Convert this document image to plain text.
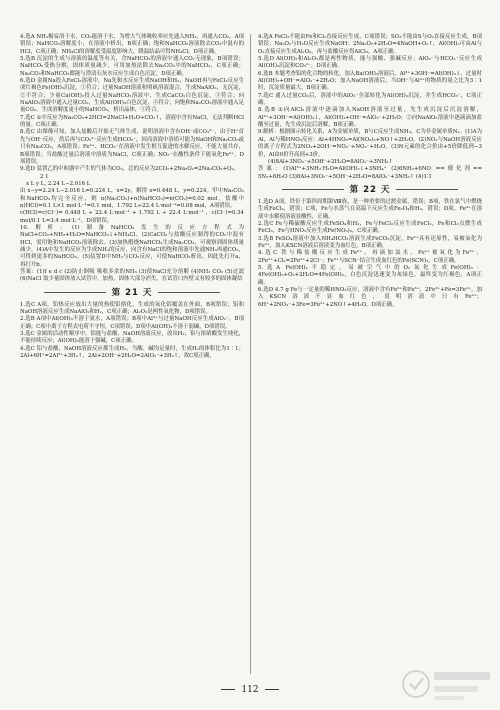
4.选A NH₃极易溶于水，CO₂能溶于水，为增大气体吸收率应先通入NH₃，再通入CO₂，A项错误；NaHCO₃溶解度小，在溶液中析出，B项正确；饱和NaHCO₃溶液除去CO₂中混有的HCl，C项正确；NH₄Cl的溶解度受温度影响大，降温结晶可得NH₄Cl，D项正确。

5.选B 沉淀的生成与溶液的温度等有关，含NaHCO₃的溶液中通入CO₂无现象，B项错误；NaHCO₃受热分解，固体质量减少，可用加热法除去Na₂CO₃中的NaHCO₃，C项正确；Na₂CO₃和NaHCO₃都能与澄清石灰水反应生成白色沉淀，D项正确。

6.选D 金属Na投入FeCl₃溶液中，Na先和水反应生成NaOH和H₂，NaOH再与FeCl₃反应生成红褐色Fe(OH)₃沉淀，①符合；过量NaOH溶液和明矾溶液混合，生成NaAlO₂，无沉淀，②不符合；少量Ca(OH)₂投入过量NaHCO₃溶液中，生成CaCO₃白色沉淀，③符合；向NaAlO₂溶液中通入过量CO₂，生成Al(OH)₃白色沉淀，④符合；向饱和Na₂CO₃溶液中通入足量CO₂，生成溶解度更小的NaHCO₃，析出晶体，⑤符合。

7.选C ①中反应为Na₂CO₃+2HCl=2NaCl+H₂O+CO₂↑，溶液中含有NaCl，无法判断HCl的量。C项正确。

8.选C 由图像可知，加入盐酸后开始无气体生成，说明溶液中含有OH⁻或CO₃²⁻，由于H⁺首先与OH⁻反应，然后再与CO₃²⁻反应生成HCO₃⁻，因而溶液中溶质可能为NaOH和Na₂CO₃或只有Na₂CO₃，A项错误；Fe³⁺、HCO₃⁻在溶液中发生相互促进的水解反应，不能大量共存，B项错误；当盐酸过量后溶液中溶质为NaCl，C项正确；NO₃⁻在酸性条件下能氧化Fe²⁺，D项错误。

9.选D 装置乙的中和器中产生的气体为CO₂，总的反应为2CO₂+2Na₂O₂=2Na₂CO₃+O₂。

2 1

x L y L, 2.24 L−2.016 L

由 x−y=2.24 L−2.016 L=0.224 L，x=2y，解得 x=0.448 L，y=0.224。甲中Na₂CO₃和NaHCO₃均完全反应，则 n(Na₂CO₃)+n(NaHCO₃)=n(CO₂)=0.02 mol。盐酸中n(HCl)=0.1 L×1 mol·L⁻¹=0.1 mol，1.792 L÷22.4 L·mol⁻¹=0.08 mol，A项错误。

c(HCl)=c(Cl⁻)= 0.448 L ÷ 22.4 L·mol⁻¹ + 1.792 L ÷ 22.4 L·mol⁻¹ ，c(Cl⁻)=0.34 mol/0.1 L=3.4 mol·L⁻¹，D项错误。

10.解析：(1)制备NaHCO₃发生的反应方程式为NaCl+CO₂+NH₃+H₂O=NaHCO₃↓+NH₄Cl。(2)CaCO₃与盐酸反应制得的CO₂中混有HCl，需用饱和NaHCO₃溶液除去。(3)加热煅烧NaHCO₃生成Na₂CO₃，可观察到固体质量减少。(4)A中发生的反应为生成NH₃的反应，向含有NaCl的饱和溶液中先通NH₃再通CO₂，可得到更多的NaHCO₃。(5)装置D中NH₃与CO₂反应，可使NaHCO₃析出。因此先打开a，再打开b。

答案：(1)f e d c (2)防止倒吸 吸收多余的NH₃ (3)使NaCl充分溶解 (4)NH₃ CO₂ (5)过滤 (6)NaCl 取少量固体放入试管中，加热，固体大部分消失，在试管口内壁又有较多的固体凝结

第 21 天

1.选C A项，铝热反应放出大量的热使铝熔化，生成的氧化铝覆盖在外面，B项错误；铝和NaOH溶液反应生成NaAlO₂和H₂，C项正确；Al₂O₃是两性氧化物，D项错误。

2.选B A项中Al(OH)₃不溶于氨水，A项错误；B项中Al³⁺与过量NaOH反应生成AlO₂⁻，B项正确；C项中离子方程式电荷不守恒，C项错误；D项中Al(OH)₃不溶于弱碱，D项错误。

3.选C 金属的活动性顺序中，铝能与盐酸、NaOH溶液反应，放出H₂；铝与浓硝酸发生钝化，不能持续反应；Al(OH)₃能溶于强碱，C项正确。

4.选C 铝与盐酸、NaOH溶液反应都生成H₂，当酸、碱均足量时，生成H₂的体积比为1∶1；2Al+6H⁺=2Al³⁺+3H₂↑，2Al+2OH⁻+2H₂O=2AlO₂⁻+3H₂↑，故C项正确。

4.选A FeCl₃不能由Fe和Cl₂直接反应生成，C项错误；SO₃不能由S与O₂直接反应生成，B项错误；Na₂O₂与H₂O反应生成NaOH：2Na₂O₂+2H₂O=4NaOH+O₂↑，Al(OH)₃可由Al与O₂直接反应生成Al₂O₃，再与盐酸反应得AlCl₃，A项正确。

5.选D Al(OH)₃和Al₂O₃都是两性物质，能与强酸、强碱反应；AlO₂⁻与HCO₃⁻反应生成Al(OH)₃沉淀和CO₃²⁻，D项正确。

6.选B 本题考查铝的化合物的转化。加入Ba(OH)₂溶液后，Al³⁺+3OH⁻=Al(OH)₃↓，过量时Al(OH)₃+OH⁻=AlO₂⁻+2H₂O；加入NaOH溶液后，当OH⁻与Al³⁺的物质的量之比为3∶1时，沉淀质量最大，B项正确。

7.选C 通入过量CO₂后，溶液中的AlO₂⁻全部转化为Al(OH)₃沉淀，并生成HCO₃⁻，C项正确。

8.选B ①向AlCl₃溶液中逐滴加入NaOH溶液至过量，先生成沉淀后沉淀溶解，Al³⁺+3OH⁻=Al(OH)₃↓，Al(OH)₃+OH⁻=AlO₂⁻+2H₂O；②向NaAlO₂溶液中逐滴滴加盐酸至过量，先生成沉淀后溶解，B项正确。

9.解析：根据图示转化关系，A为金属单质，B与C反应生成NH₃，C为非金属单质N₂。(1)A为Al，Al与稀HNO₃反应：Al+4HNO₃=Al(NO₃)₃+NO↑+2H₂O。(2)NO₂与NaOH溶液反应的离子方程式为2NO₂+2OH⁻=NO₃⁻+NO₂⁻+H₂O。(3)N元素的化合价由+5价降低到−3价，Al由0价升高到+3价。

(4)8Al+3NO₃⁻+5OH⁻+2H₂O=8AlO₂⁻+3NH₃↑

答案：(1)Al³⁺+3NH₃·H₂O=Al(OH)₃↓+3NH₄⁺ (2)6NH₃+6NO ==催化剂== 5N₂+6H₂O (3)8Al+3NO₃⁻+5OH⁻+2H₂O=8AlO₂⁻+3NH₃↑ (4)1∶1

第 22 天

1.选D A项，铁位于第四周期第Ⅷ族，是一种重要的过渡金属，错误；B项，铁在氯气中燃烧生成FeCl₃，错误；C项，Fe与水蒸气在高温下反应生成Fe₃O₄和H₂，错误；D项，Fe³⁺在溶液中水解使溶液显酸性，正确。

2.选C Fe与稀硫酸反应生成FeSO₄和H₂，Fe与FeCl₃反应生成FeCl₂，Fe和Cl₂点燃生成FeCl₃，Fe与HNO₃反应生成Fe(NO₃)₃，C项正确。

3.选B FeSO₄溶液中加入NH₄HCO₃溶液生成FeCO₃沉淀，Fe²⁺具有还原性，易被氧化为Fe³⁺，加入KSCN溶液后溶液变为血红色，B项正确。

4.选C 铁与稀盐酸反应生成Fe²⁺，再滴加氯水，Fe²⁺被氧化为Fe³⁺，2Fe²⁺+Cl₂=2Fe³⁺+2Cl⁻；Fe³⁺与SCN⁻结合生成血红色的Fe(SCN)₃，C项正确。

5.选A Fe(OH)₂不稳定，易被空气中的O₂氧化生成Fe(OH)₃：4Fe(OH)₂+O₂+2H₂O=4Fe(OH)₃，白色沉淀迅速变为灰绿色，最终变为红褐色，A项正确。

6.选D 4.7 g Fe与一定量的稀HNO₃反应，溶液中含有Fe²⁺和Fe³⁺，2Fe³⁺+Fe=3Fe²⁺，加入KSCN溶液不显血红色，说明溶液中只有Fe²⁺；6H⁺+2NO₃⁻+3Fe=3Fe²⁺+2NO↑+4H₂O，D项正确。

112
